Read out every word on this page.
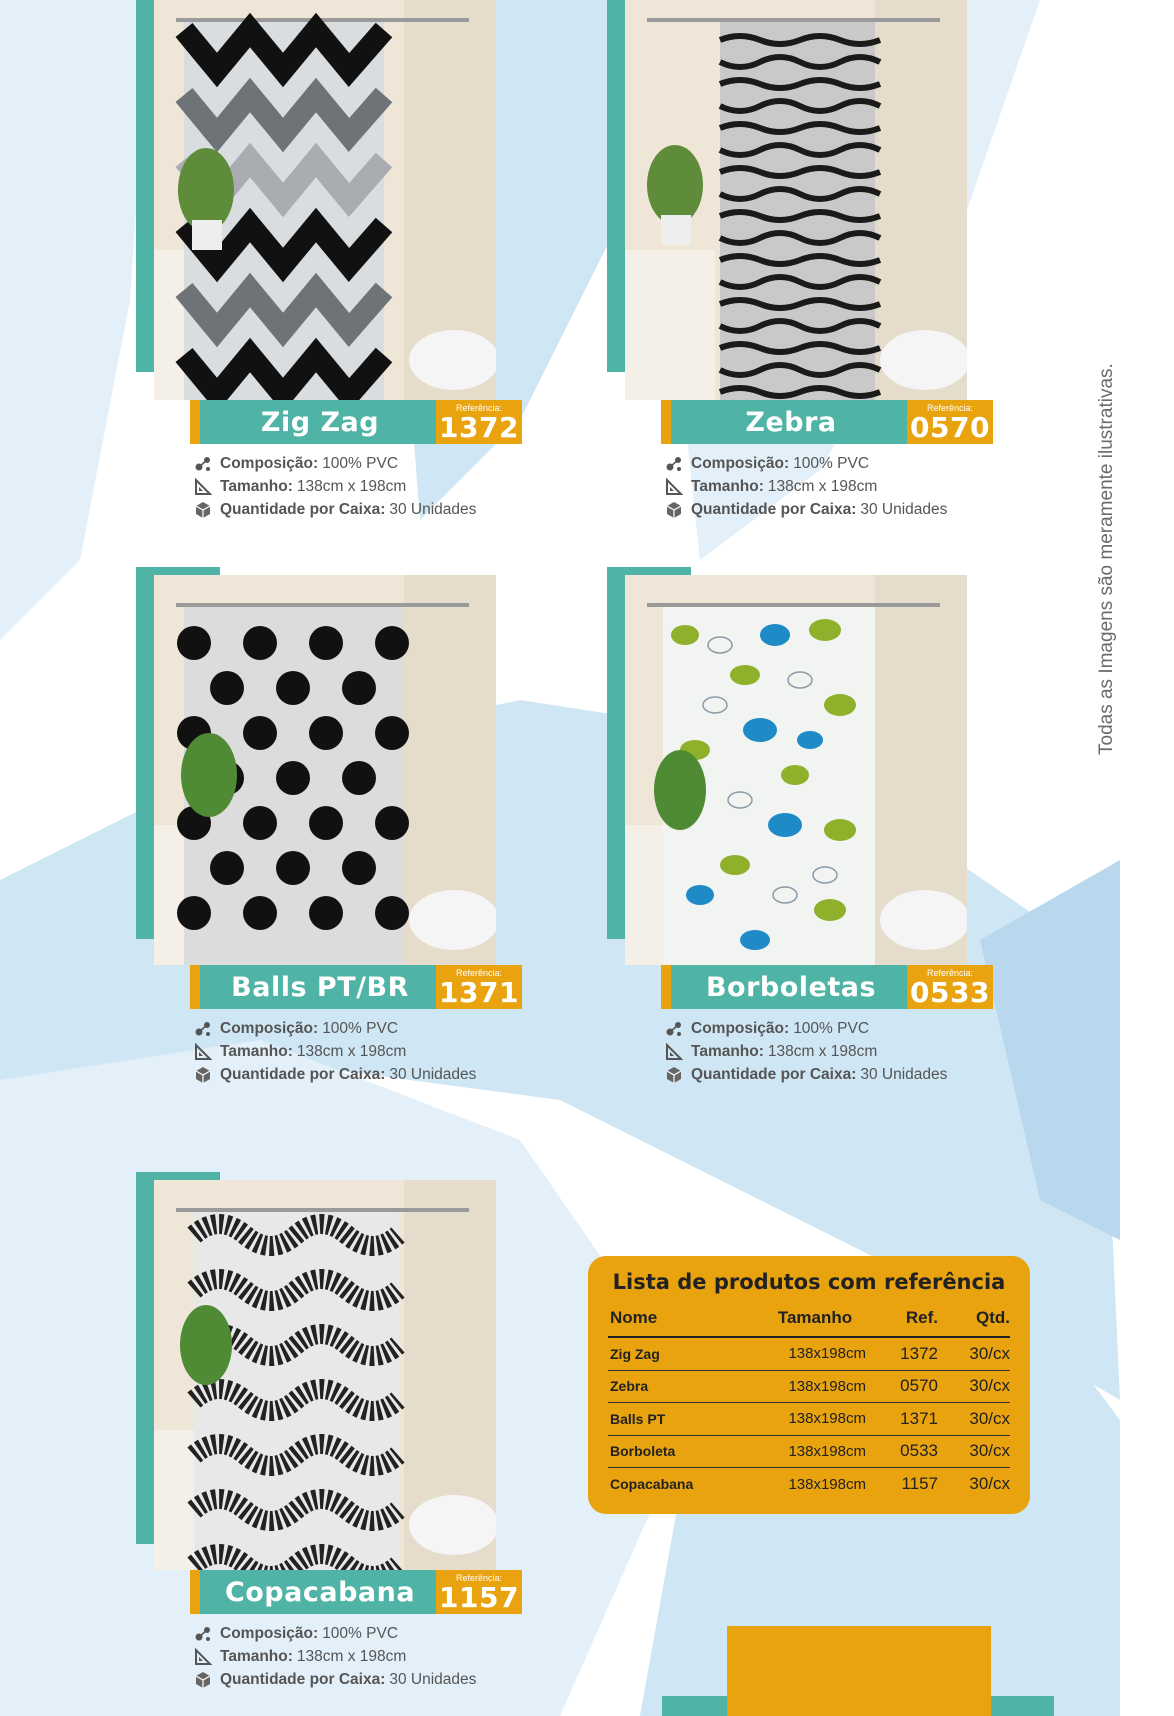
Todas as Imagens são meramente ilustrativas.
Zig Zag	Referência:
1372
Composição: 100% PVC
Tamanho: 138cm x 198cm
Quantidade por Caixa: 30 Unidades
Zebra	Referência:
0570
Composição: 100% PVC
Tamanho: 138cm x 198cm
Quantidade por Caixa: 30 Unidades
Balls PT/BR	Referência:
1371
Composição: 100% PVC
Tamanho: 138cm x 198cm
Quantidade por Caixa: 30 Unidades
Borboletas	Referência:
0533
Composição: 100% PVC
Tamanho: 138cm x 198cm
Quantidade por Caixa: 30 Unidades
Copacabana	Referência:
1157
Composição: 100% PVC
Tamanho: 138cm x 198cm
Quantidade por Caixa: 30 Unidades
Lista de produtos com referência
Nome	Tamanho	Ref.	Qtd.
Zig Zag	138x198cm	1372	30/cx
Zebra	138x198cm	0570	30/cx
Balls PT	138x198cm	1371	30/cx
Borboleta	138x198cm	0533	30/cx
Copacabana	138x198cm	1157	30/cx
